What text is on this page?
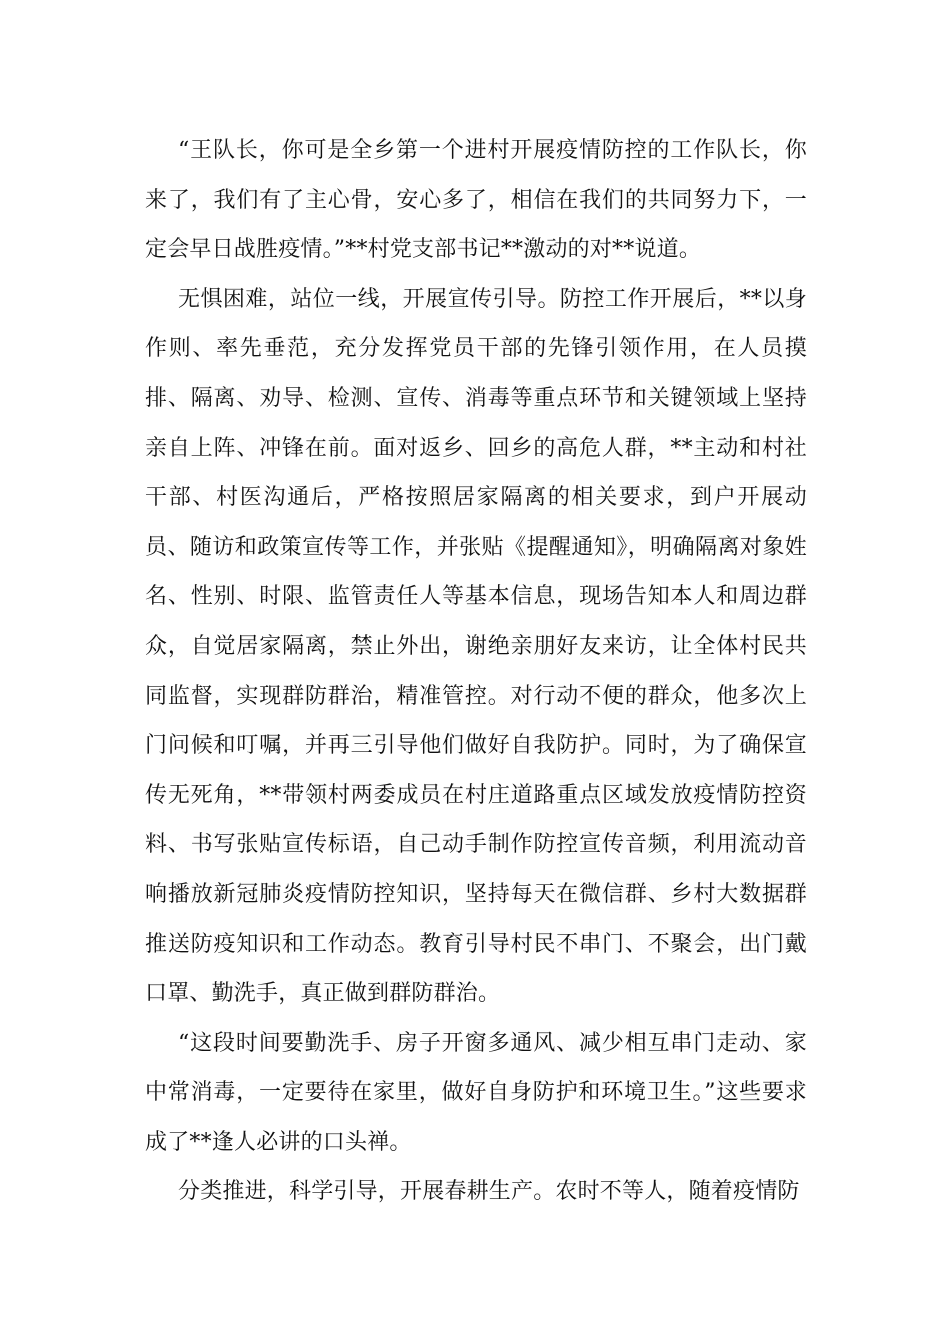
“王队长，你可是全乡第一个进村开展疫情防控的工作队长，你来了，我们有了主心骨，安心多了，相信在我们的共同努力下，一定会早日战胜疫情。”**村党支部书记**激动的对**说道。

无惧困难，站位一线，开展宣传引导。防控工作开展后，**以身作则、率先垂范，充分发挥党员干部的先锋引领作用，在人员摸排、隔离、劝导、检测、宣传、消毒等重点环节和关键领域上坚持亲自上阵、冲锋在前。面对返乡、回乡的高危人群，**主动和村社干部、村医沟通后，严格按照居家隔离的相关要求，到户开展动员、随访和政策宣传等工作，并张贴《提醒通知》，明确隔离对象姓名、性别、时限、监管责任人等基本信息，现场告知本人和周边群众，自觉居家隔离，禁止外出，谢绝亲朋好友来访，让全体村民共同监督，实现群防群治，精准管控。对行动不便的群众，他多次上门问候和叮嘱，并再三引导他们做好自我防护。同时，为了确保宣传无死角，**带领村两委成员在村庄道路重点区域发放疫情防控资料、书写张贴宣传标语，自己动手制作防控宣传音频，利用流动音响播放新冠肺炎疫情防控知识，坚持每天在微信群、乡村大数据群推送防疫知识和工作动态。教育引导村民不串门、不聚会，出门戴口罩、勤洗手，真正做到群防群治。

“这段时间要勤洗手、房子开窗多通风、减少相互串门走动、家中常消毒，一定要待在家里，做好自身防护和环境卫生。”这些要求成了**逢人必讲的口头禅。

分类推进，科学引导，开展春耕生产。农时不等人，随着疫情防
